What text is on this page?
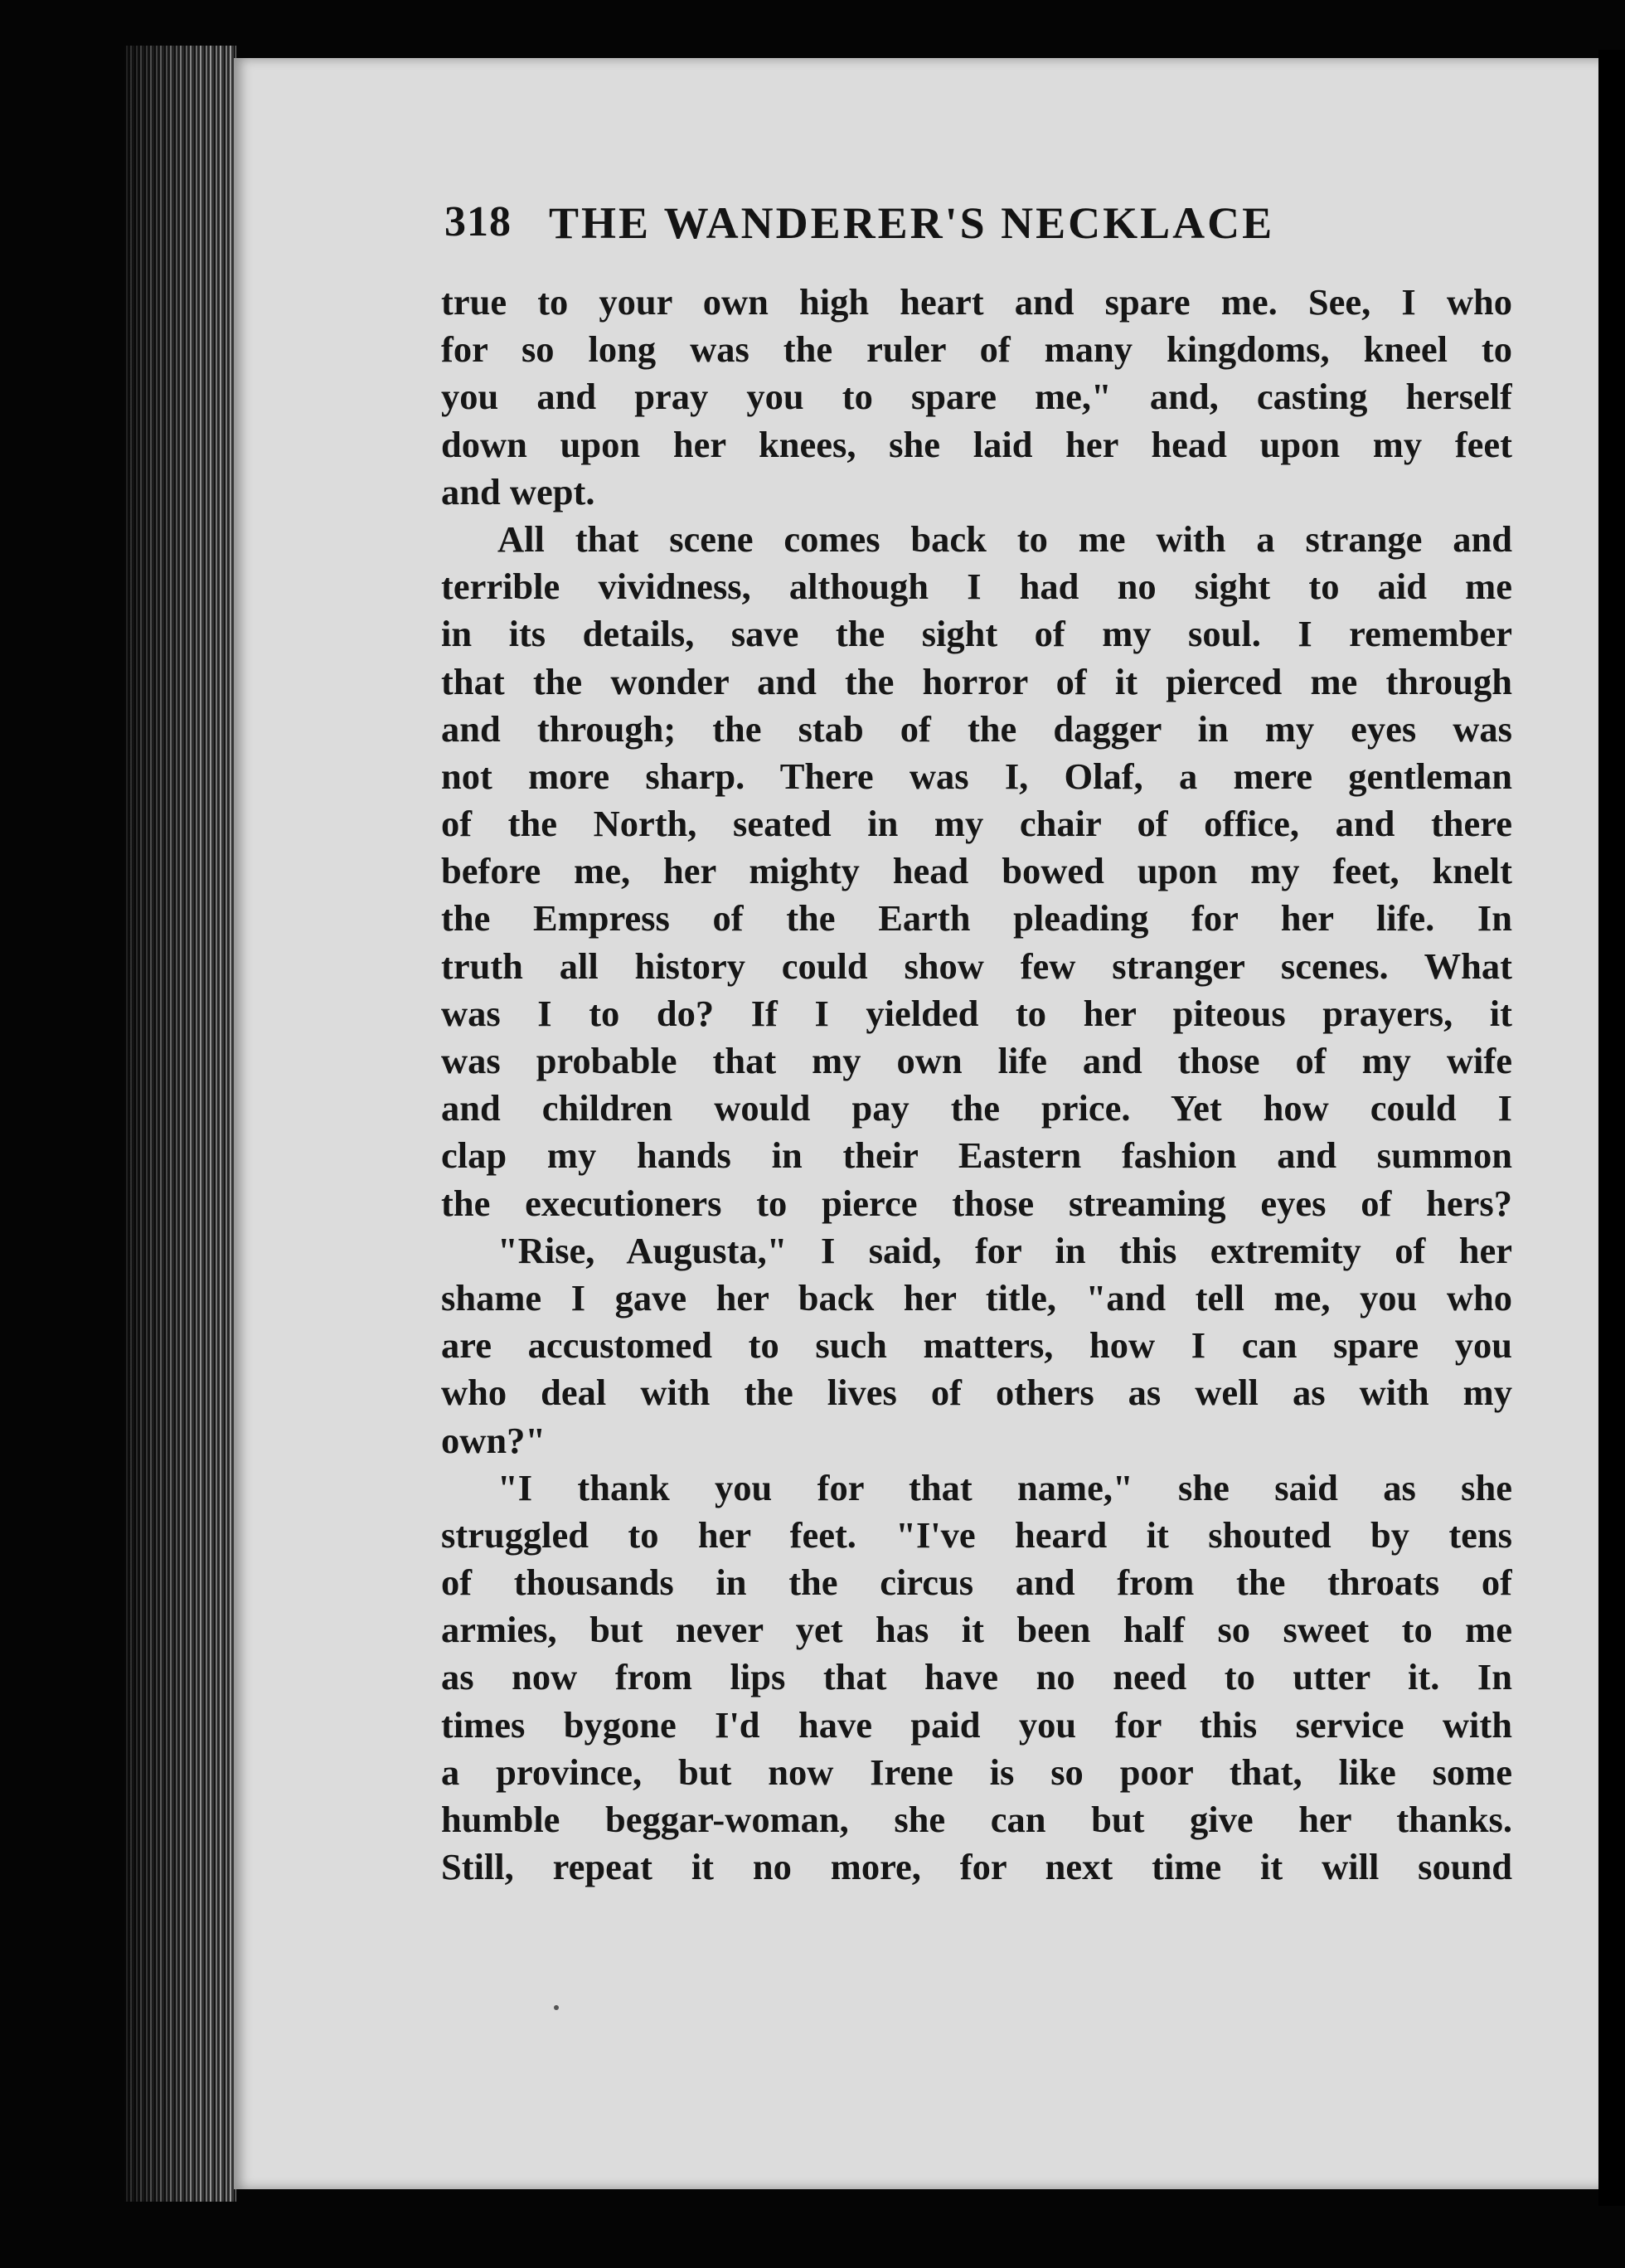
318 THE WANDERER'S NECKLACE
true to your own high heart and spare me. See, I who
for so long was the ruler of many kingdoms, kneel to
you and pray you to spare me," and, casting herself
down upon her knees, she laid her head upon my feet
and wept.
All that scene comes back to me with a strange and
terrible vividness, although I had no sight to aid me
in its details, save the sight of my soul. I remember
that the wonder and the horror of it pierced me through
and through; the stab of the dagger in my eyes was
not more sharp. There was I, Olaf, a mere gentleman
of the North, seated in my chair of office, and there
before me, her mighty head bowed upon my feet, knelt
the Empress of the Earth pleading for her life. In
truth all history could show few stranger scenes. What
was I to do? If I yielded to her piteous prayers, it
was probable that my own life and those of my wife
and children would pay the price. Yet how could I
clap my hands in their Eastern fashion and summon
the executioners to pierce those streaming eyes of hers?
"Rise, Augusta," I said, for in this extremity of her
shame I gave her back her title, "and tell me, you who
are accustomed to such matters, how I can spare you
who deal with the lives of others as well as with my
own?"
"I thank you for that name," she said as she
struggled to her feet. "I've heard it shouted by tens
of thousands in the circus and from the throats of
armies, but never yet has it been half so sweet to me
as now from lips that have no need to utter it. In
times bygone I'd have paid you for this service with
a province, but now Irene is so poor that, like some
humble beggar-woman, she can but give her thanks.
Still, repeat it no more, for next time it will sound
